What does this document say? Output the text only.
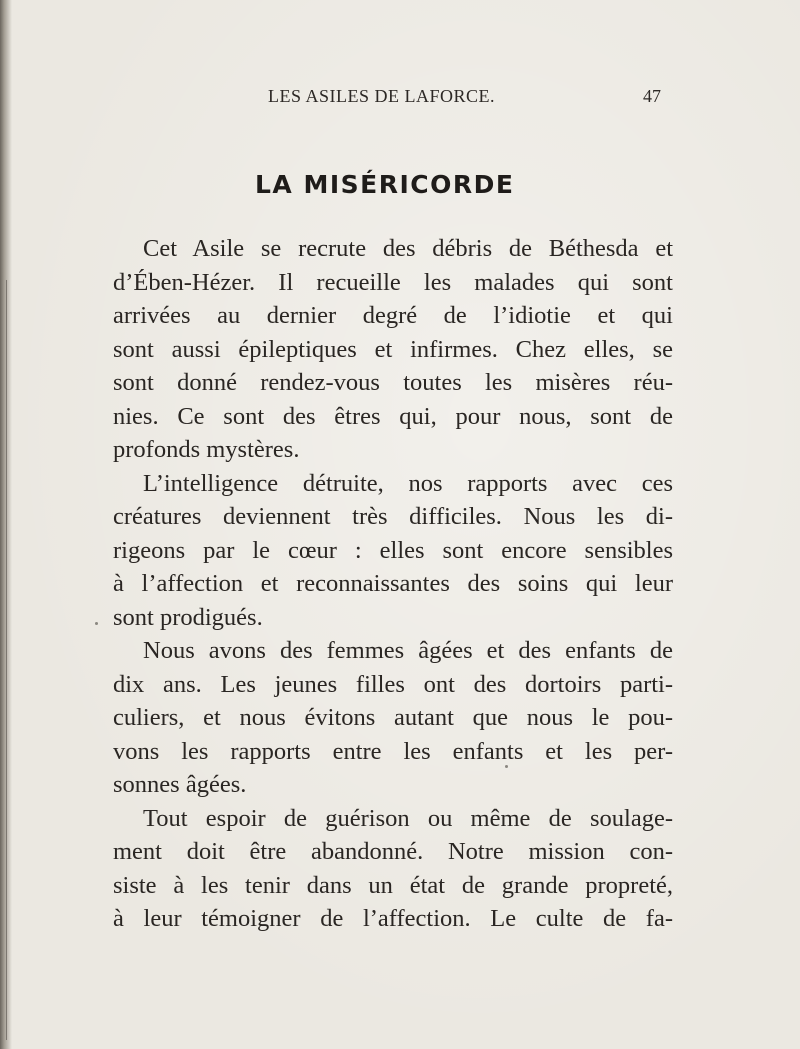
LES ASILES DE LAFORCE.	47
LA MISÉRICORDE
Cet Asile se recrute des débris de Béthesda et
d’Ében-Hézer. Il recueille les malades qui sont
arrivées au dernier degré de l’idiotie et qui
sont aussi épileptiques et infirmes. Chez elles, se
sont donné rendez-vous toutes les misères réu-
nies. Ce sont des êtres qui, pour nous, sont de
profonds mystères.
L’intelligence détruite, nos rapports avec ces
créatures deviennent très difficiles. Nous les di-
rigeons par le cœur : elles sont encore sensibles
à l’affection et reconnaissantes des soins qui leur
sont prodigués.
Nous avons des femmes âgées et des enfants de
dix ans. Les jeunes filles ont des dortoirs parti-
culiers, et nous évitons autant que nous le pou-
vons les rapports entre les enfants et les per-
sonnes âgées.
Tout espoir de guérison ou même de soulage-
ment doit être abandonné. Notre mission con-
siste à les tenir dans un état de grande propreté,
à leur témoigner de l’affection. Le culte de fa-
